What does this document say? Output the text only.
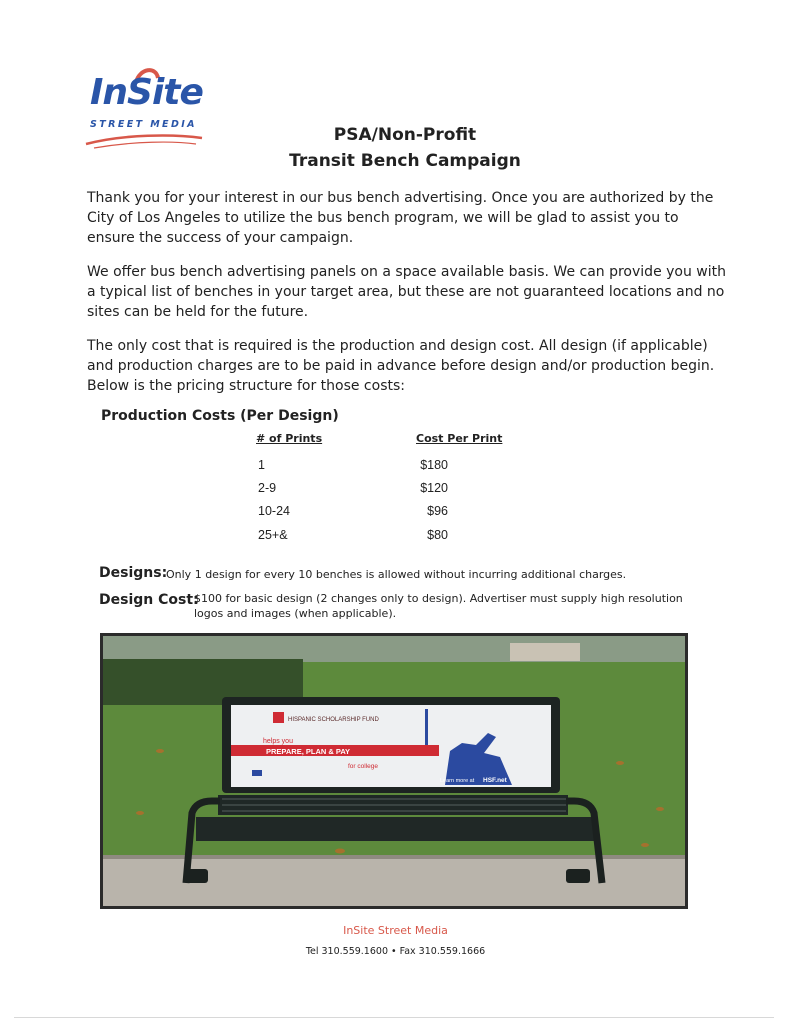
InSite
STREET MEDIA
PSA/Non-Profit
Transit Bench Campaign
Thank you for your interest in our bus bench advertising. Once you are authorized by the City of Los Angeles to utilize the bus bench program, we will be glad to assist you to ensure the success of your campaign.
We offer bus bench advertising panels on a space available basis. We can provide you with a typical list of benches in your target area, but these are not guaranteed locations and no sites can be held for the future.
The only cost that is required is the production and design cost. All design (if applicable) and production charges are to be paid in advance before design and/or production begin. Below is the pricing structure for those costs:
Production Costs (Per Design)
# of Prints	Cost Per Print
1	$180
2-9	$120
10-24	$96
25+&	$80
Designs:
Only 1 design for every 10 benches is allowed without incurring additional charges.
Design Cost:
$100 for basic design (2 changes only to design). Advertiser must supply high resolution logos and images (when applicable).
HISPANIC SCHOLARSHIP FUND
helps you
PREPARE, PLAN & PAY
for college
Learn more at HSF.net
InSite Street Media
Tel 310.559.1600 • Fax 310.559.1666
